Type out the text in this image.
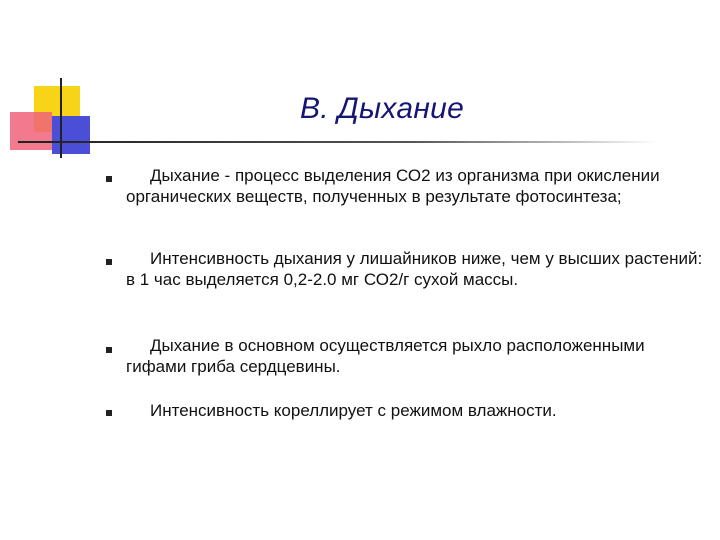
В. Дыхание
Дыхание - процесс выделения СО2 из организма при окислении органических веществ, полученных в результате фотосинтеза;
Интенсивность дыхания у лишайников ниже, чем у высших растений: в 1 час выделяется 0,2-2.0 мг СО2/г сухой массы.
Дыхание в основном осуществляется рыхло расположенными гифами гриба сердцевины.
Интенсивность кореллирует с режимом влажности.
